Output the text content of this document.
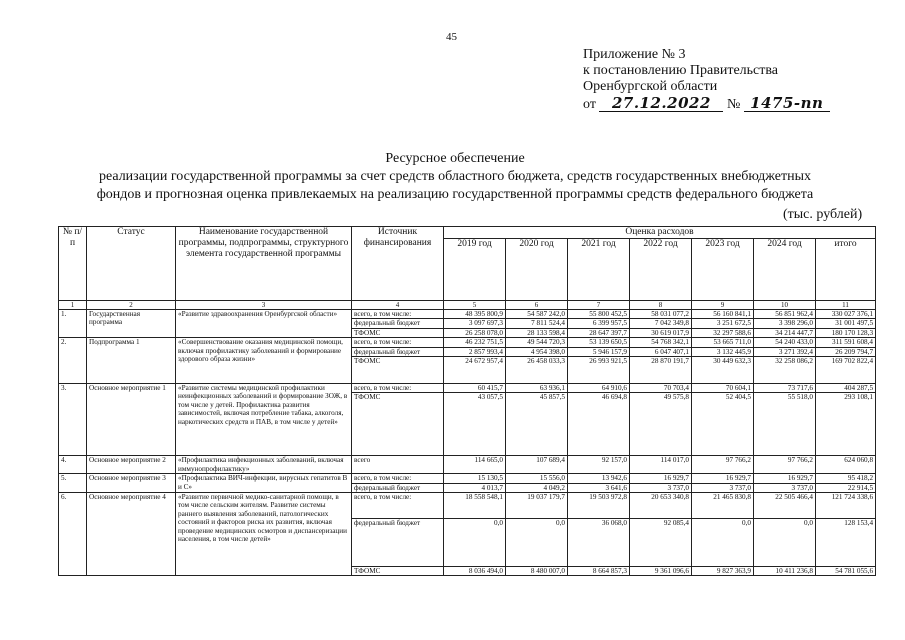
45
Приложение № 3
к постановлению Правительства
Оренбургской области
от 27.12.2022 № 1475-пп
Ресурсное обеспечение
реализации государственной программы за счет средств областного бюджета, средств государственных внебюджетных
фондов и прогнозная оценка привлекаемых на реализацию государственной программы средств федерального бюджета
(тыс. рублей)
№ п/п	Статус	Наименование государственной программы, подпрограммы, структурного элемента государственной программы	Источник финансирования	Оценка расходов						
				2019 год	2020 год	2021 год	2022 год	2023 год	2024 год	итого
1	2	3	4	5	6	7	8	9	10	11
1.	Государственная программа	«Развитие здравоохранения Оренбургской области»	всего, в том числе:	48 395 800,9	54 587 242,0	55 800 452,5	58 031 077,2	56 160 841,1	56 851 962,4	330 027 376,1
			федеральный бюджет	3 097 697,3	7 811 524,4	6 399 957,5	7 042 349,8	3 251 672,5	3 398 296,0	31 001 497,5
			ТФОМС	26 258 078,0	28 133 598,4	28 647 397,7	30 619 017,9	32 297 588,6	34 214 447,7	180 170 128,3
2.	Подпрограмма 1	«Совершенствование оказания медицинской помощи, включая профилактику заболеваний и формирование здорового образа жизни»	всего, в том числе:	46 232 751,5	49 544 720,3	53 139 650,5	54 768 342,1	53 665 711,0	54 240 433,0	311 591 608,4
			федеральный бюджет	2 857 993,4	4 954 398,0	5 946 157,9	6 047 407,1	3 132 445,9	3 271 392,4	26 209 794,7
			ТФОМС	24 672 957,4	26 458 033,3	26 993 921,5	28 870 191,7	30 449 632,3	32 258 086,2	169 702 822,4
3.	Основное мероприятие 1	«Развитие системы медицинской профилактики неинфекционных заболеваний и формирование ЗОЖ, в том числе у детей. Профилактика развития зависимостей, включая потребление табака, алкоголя, наркотических средств и ПАВ, в том числе у детей»	всего, в том числе:	60 415,7	63 936,1	64 910,6	70 703,4	70 604,1	73 717,6	404 287,5
			ТФОМС	43 057,5	45 857,5	46 694,8	49 575,8	52 404,5	55 518,0	293 108,1
4.	Основное мероприятие 2	«Профилактика инфекционных заболеваний, включая иммунопрофилактику»	всего	114 665,0	107 689,4	92 157,0	114 017,0	97 766,2	97 766,2	624 060,8
5.	Основное мероприятие 3	«Профилактика ВИЧ-инфекции, вирусных гепатитов В и С»	всего, в том числе:	15 130,5	15 556,0	13 942,6	16 929,7	16 929,7	16 929,7	95 418,2
			федеральный бюджет	4 013,7	4 049,2	3 641,6	3 737,0	3 737,0	3 737,0	22 914,5
6.	Основное мероприятие 4	«Развитие первичной медико-санитарной помощи, в том числе сельским жителям. Развитие системы раннего выявления заболеваний, патологических состояний и факторов риска их развития, включая проведение медицинских осмотров и диспансеризации населения, в том числе детей»	всего, в том числе:	18 558 548,1	19 037 179,7	19 503 972,8	20 653 340,8	21 465 830,8	22 505 466,4	121 724 338,6
			федеральный бюджет	0,0	0,0	36 068,0	92 085,4	0,0	0,0	128 153,4
			ТФОМС	8 036 494,0	8 480 007,0	8 664 857,3	9 361 096,6	9 827 363,9	10 411 236,8	54 781 055,6
